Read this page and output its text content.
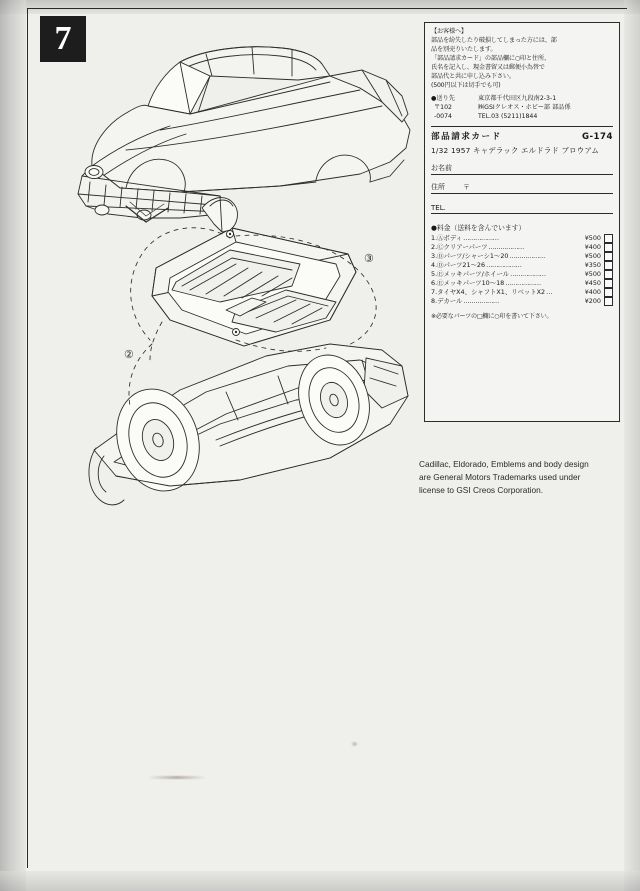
7
③
②
【お客様へ】
部品を紛失したり破損してしまった方には、部
品を別売りいたします。
「部品請求カード」の部品欄に○印と住所、
氏名を記入し、現金書留又は郵便小為替で
部品代と共に申し込み下さい。
(500円以下は切手でも可)
●送り先
〒102
-0074
東京都千代田区九段南2-3-1
㈱GSIクレオス・ホビー部 部品係
TEL.03 (5211)1844
部品請求カード	G-174
1/32 1957 キャデラック エルドラド ブロウアム
お名前
住所	〒
TEL.
●料金（送料を含んでいます）
1.Ⓐボディ ………………	¥500
2.Ⓒクリアーパーツ ………………	¥400
3.Ⓓパーツ/シャーシ1～20 ………………	¥500
4.Ⓓパーツ21～26 ………………	¥350
5.Ⓔメッキパーツ/ホイール ………………	¥500
6.Ⓔメッキパーツ10～18 ………………	¥450
7.タイヤX4、シャフトX1、リベットX2 …	¥400
8.デカール ………………	¥200
※必要なパーツの□欄に○印を書いて下さい。
Cadillac, Eldorado, Emblems and body design
are General Motors Trademarks used under
license to GSI Creos Corporation.
